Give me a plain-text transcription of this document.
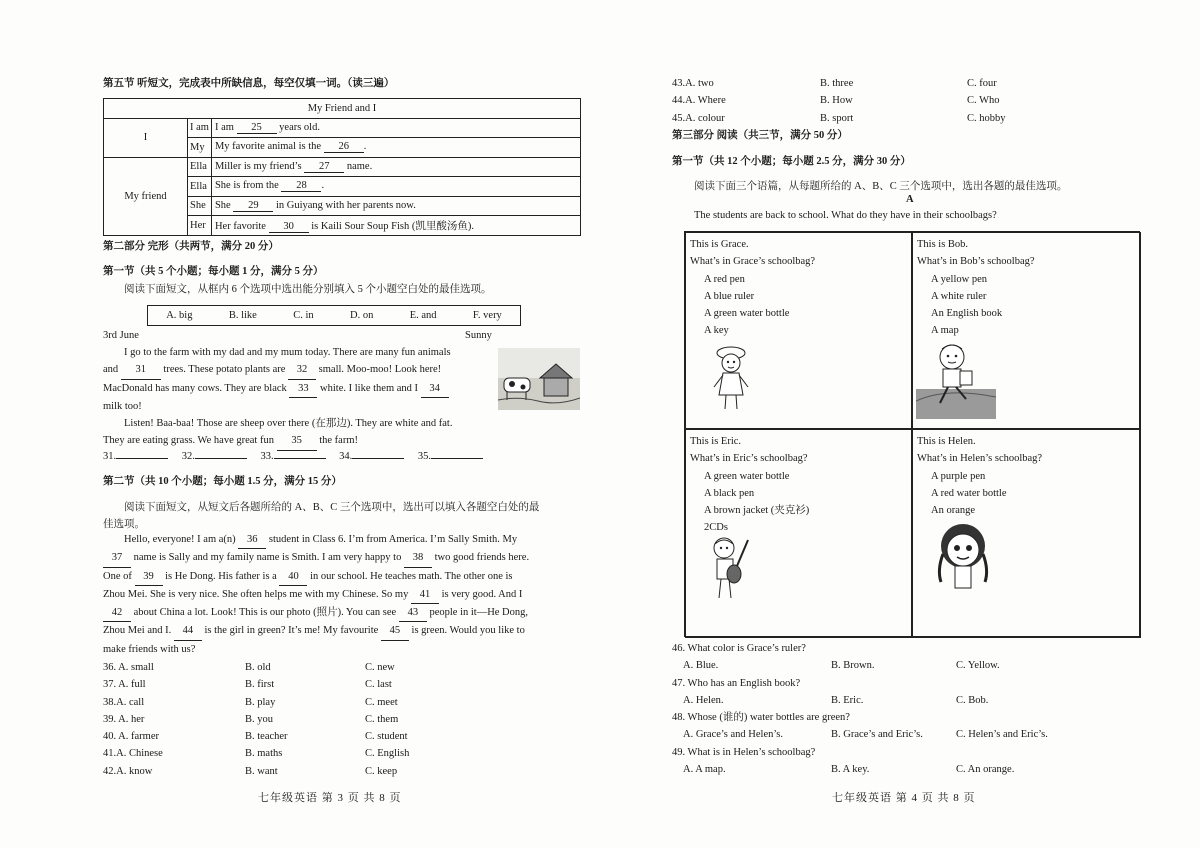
第五节 听短文，完成表中所缺信息，每空仅填一词。（读三遍）
My Friend and I		
I	I am	I am 25 years old.
	My	My favorite animal is the 26 .
My friend	Ella	Miller is my friend’s 27 name.
	Ella	She is from the 28 .
	She	She 29 in Guiyang with her parents now.
	Her	Her favorite 30 is Kaili Sour Soup Fish (凯里酸汤鱼).
第二部分 完形（共两节，满分 20 分）
第一节（共 5 个小题；每小题 1 分，满分 5 分）
阅读下面短文，从框内 6 个选项中选出能分别填入 5 个小题空白处的最佳选项。
A. big	B. like	C. in	D. on	E. and	F. very
3rd June	Sunny
I go to the farm with my dad and my mum today. There are many fun animals
and 31 trees. These potato plants are 32 small. Moo-moo! Look here!
MacDonald has many cows. They are black 33 white. I like them and I 34
milk too!
Listen! Baa-baa! Those are sheep over there (在那边). They are white and fat.
They are eating grass. We have great fun 35 the farm!
31.	32.	33.	34.	35.
第二节（共 10 个小题；每小题 1.5 分，满分 15 分）
阅读下面短文，从短文后各题所给的 A、B、C 三个选项中，选出可以填入各题空白处的最
佳选项。
Hello, everyone! I am a(n) 36 student in Class 6. I’m from America. I’m Sally Smith. My
37 name is Sally and my family name is Smith. I am very happy to 38 two good friends here.
One of 39 is He Dong. His father is a 40 in our school. He teaches math. The other one is
Zhou Mei. She is very nice. She often helps me with my Chinese. So my 41 is very good. And I
42 about China a lot. Look! This is our photo (照片). You can see 43 people in it—He Dong,
Zhou Mei and I. 44 is the girl in green? It’s me! My favourite 45 is green. Would you like to
make friends with us?
36. A. small	B. old	C. new
37. A. full	B. first	C. last
38.A. call	B. play	C. meet
39. A. her	B. you	C. them
40. A. farmer	B. teacher	C. student
41.A. Chinese	B. maths	C. English
42.A. know	B. want	C. keep
七年级英语 第 3 页 共 8 页
43.A. two	B. three	C. four
44.A. Where	B. How	C. Who
45.A. colour	B. sport	C. hobby
第三部分 阅读（共三节，满分 50 分）
第一节（共 12 个小题；每小题 2.5 分，满分 30 分）
阅读下面三个语篇，从每题所给的 A、B、C 三个选项中，选出各题的最佳选项。
A
The students are back to school. What do they have in their schoolbags?
This is Grace.
What’s in Grace’s schoolbag?
A red pen
A blue ruler
A green water bottle
A key
This is Bob.
What’s in Bob’s schoolbag?
A yellow pen
A white ruler
An English book
A map
This is Eric.
What’s in Eric’s schoolbag?
A green water bottle
A black pen
A brown jacket (夹克衫)
2CDs
This is Helen.
What’s in Helen’s schoolbag?
A purple pen
A red water bottle
An orange
46. What color is Grace’s ruler?
A. Blue.	B. Brown.	C. Yellow.
47. Who has an English book?
A. Helen.	B. Eric.	C. Bob.
48. Whose (谁的) water bottles are green?
A. Grace’s and Helen’s.	B. Grace’s and Eric’s.	C. Helen’s and Eric’s.
49. What is in Helen’s schoolbag?
A. A map.	B. A key.	C. An orange.
七年级英语 第 4 页 共 8 页
